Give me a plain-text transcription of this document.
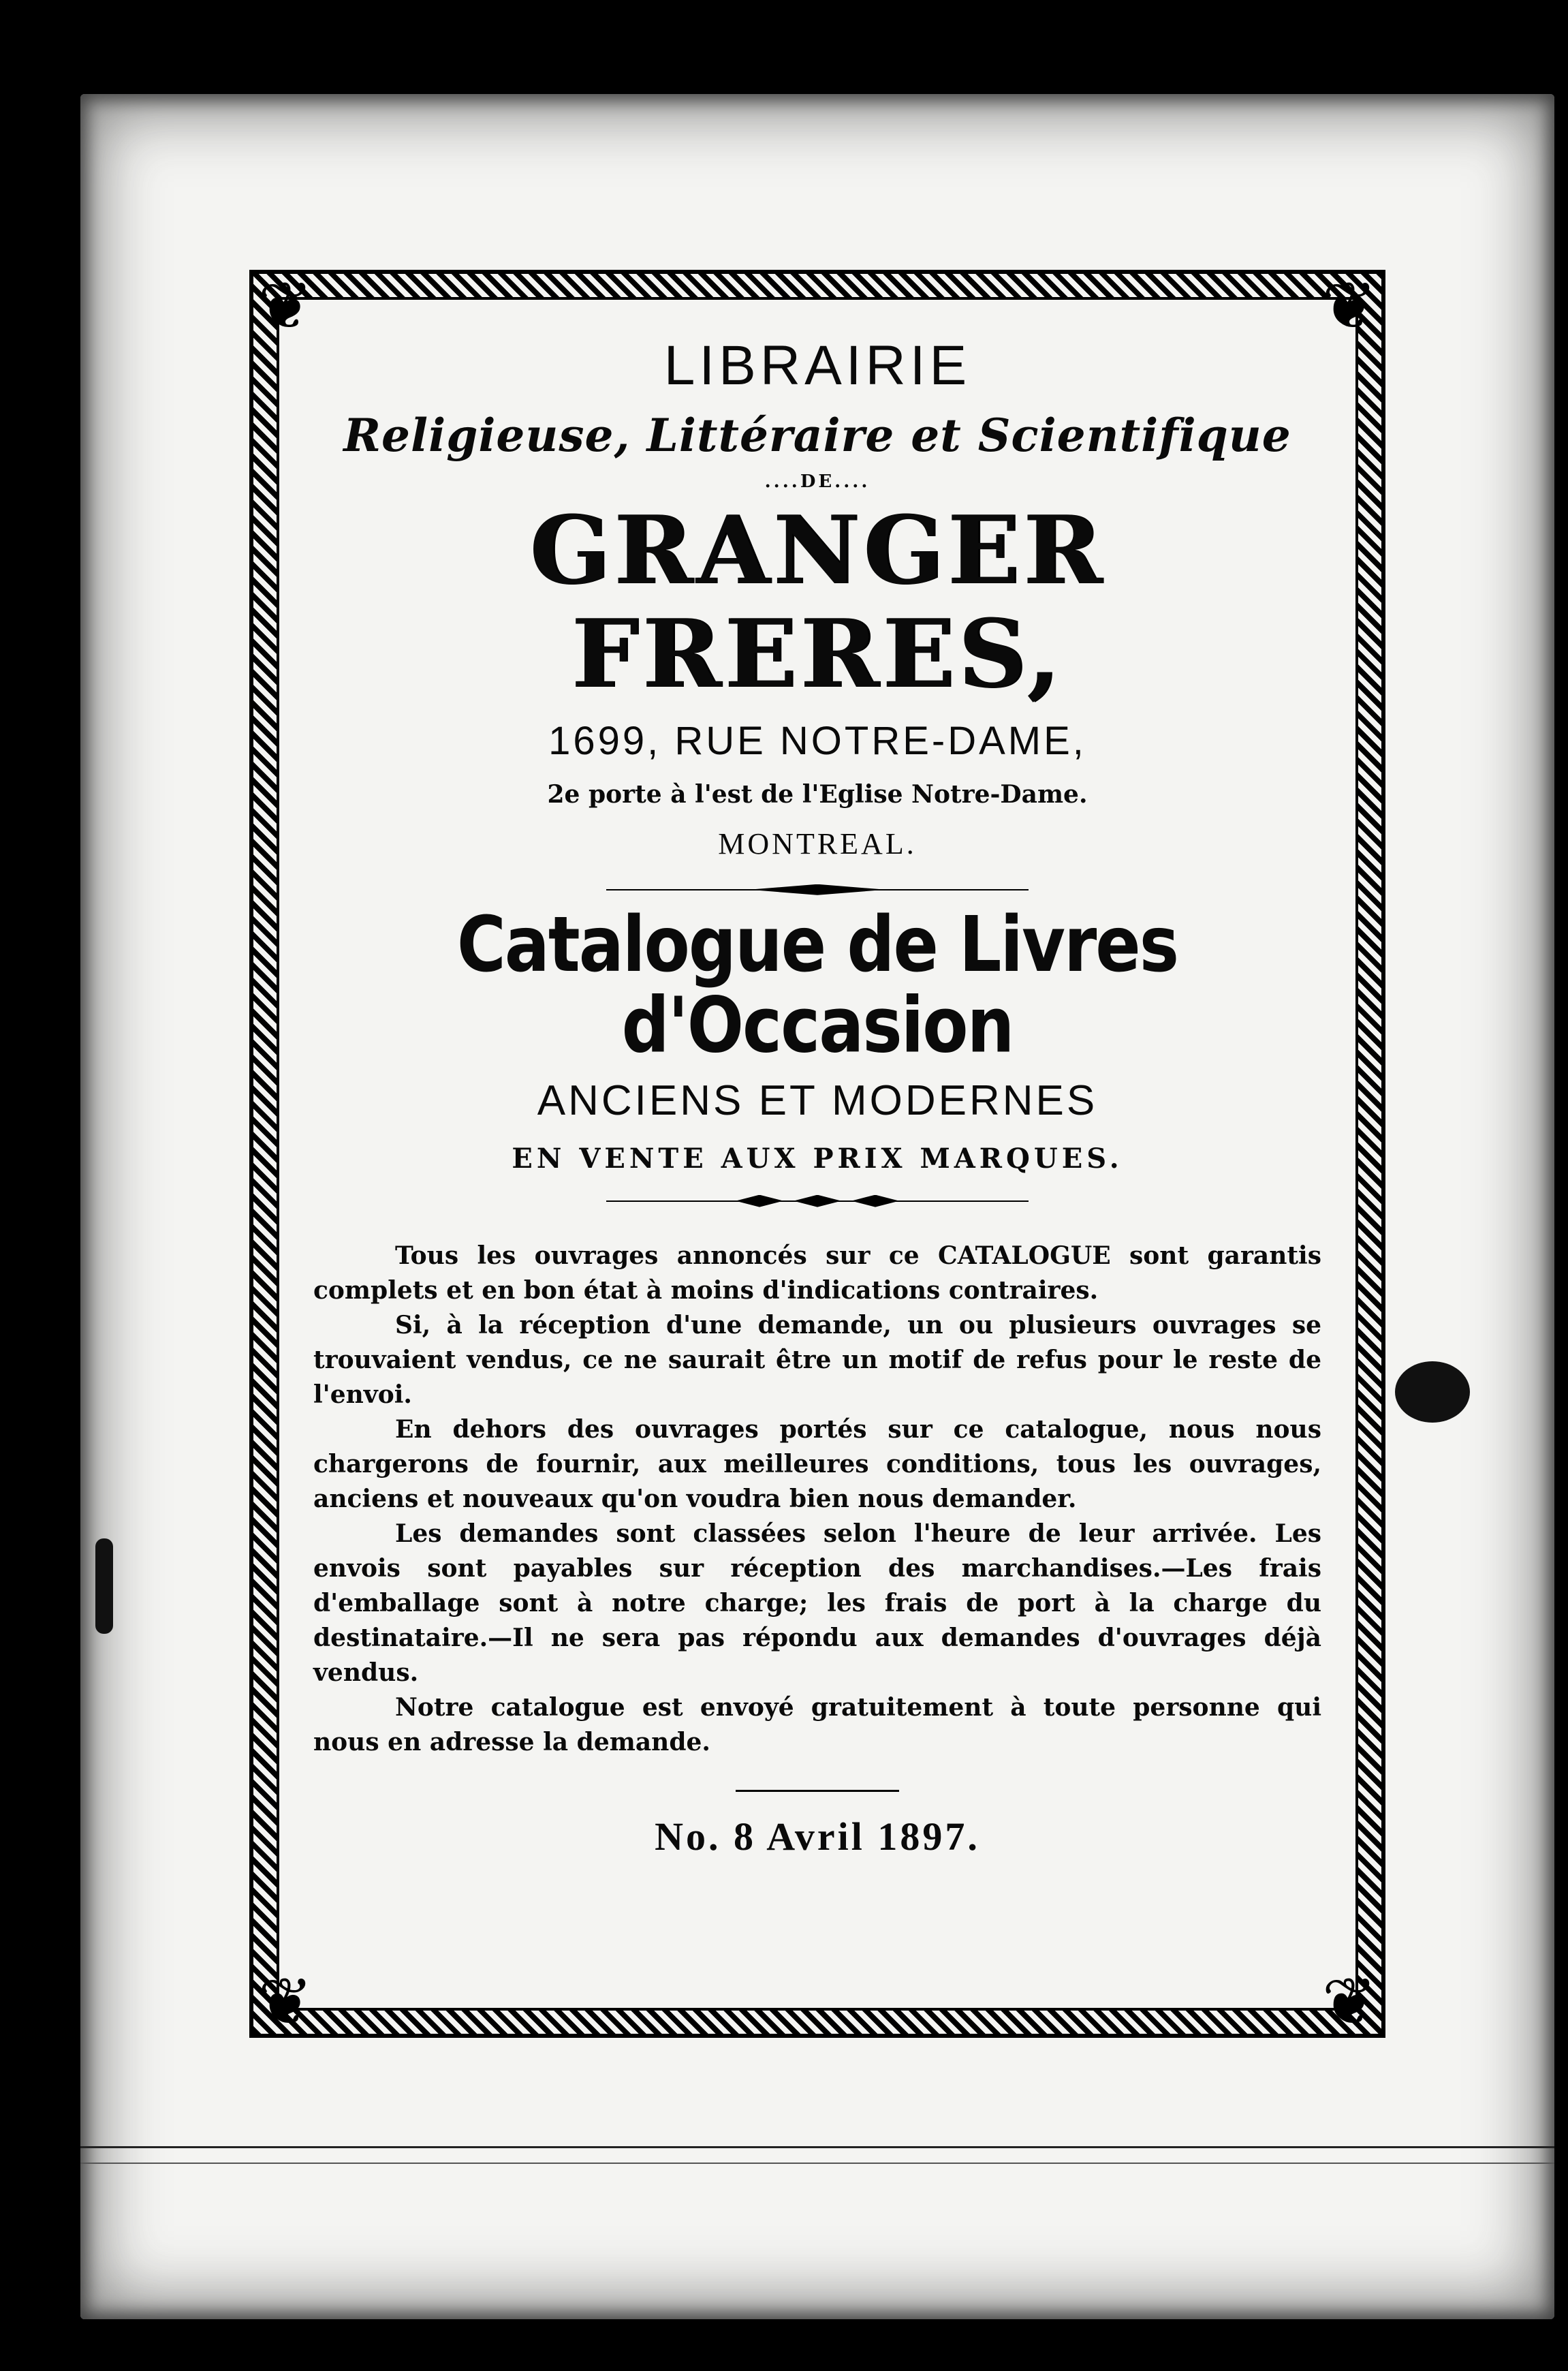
❦	❦
❦	❦
LIBRAIRIE
Religieuse, Littéraire et Scientifique
....DE....
GRANGER FRERES,
1699, RUE NOTRE-DAME,
2e porte à l'est de l'Eglise Notre-Dame.
MONTREAL.
Catalogue de Livres d'Occasion
ANCIENS ET MODERNES
EN VENTE AUX PRIX MARQUES.

Tous les ouvrages annoncés sur ce CATALOGUE sont garantis complets et en bon état à moins d'indications contraires.

Si, à la réception d'une demande, un ou plusieurs ouvrages se trouvaient vendus, ce ne saurait être un motif de refus pour le reste de l'envoi.

En dehors des ouvrages portés sur ce catalogue, nous nous chargerons de fournir, aux meilleures conditions, tous les ouvrages, anciens et nouveaux qu'on voudra bien nous demander.

Les demandes sont classées selon l'heure de leur arrivée. Les envois sont payables sur réception des marchandises.—Les frais d'emballage sont à notre charge; les frais de port à la charge du destinataire.—Il ne sera pas répondu aux demandes d'ouvrages déjà vendus.

Notre catalogue est envoyé gratuitement à toute personne qui nous en adresse la demande.

No. 8 Avril 1897.
